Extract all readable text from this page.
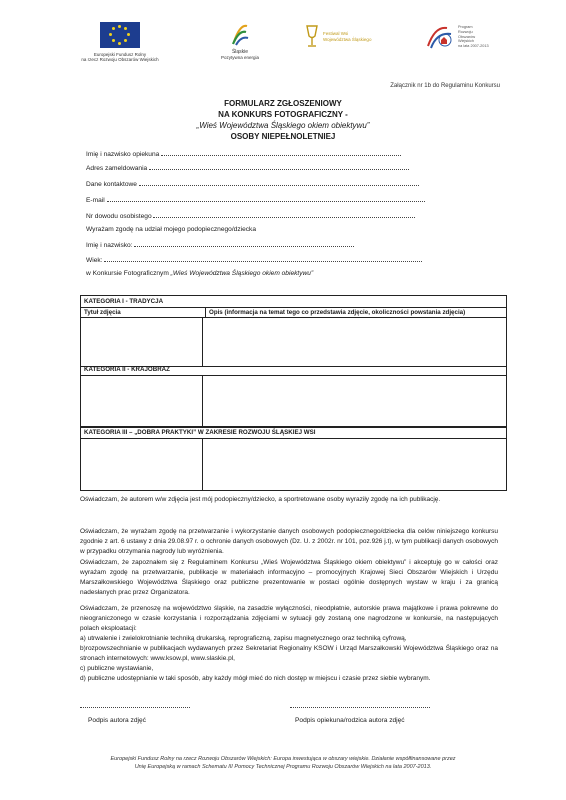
Europejski Fundusz Rolny
na rzecz Rozwoju Obszarów Wiejskich
Śląskie
Pozytywna energia
Festiwal Wsi
Województwa Śląskiego
Program
Rozwoju
Obszarów
Wiejskich
na lata 2007-2013
Załącznik nr 1b do Regulaminu Konkursu
FORMULARZ ZGŁOSZENIOWY
NA KONKURS FOTOGRAFICZNY -
„Wieś Województwa Śląskiego okiem obiektywu”
OSOBY NIEPEŁNOLETNIEJ
Imię i nazwisko opiekuna
Adres zameldowania
Dane kontaktowe
E-mail
Nr dowodu osobistego
Wyrażam zgodę na udział mojego podopiecznego/dziecka
Imię i nazwisko:
Wiek:
w Konkursie Fotograficznym „Wieś Województwa Śląskiego okiem obiektywu”
KATEGORIA I - TRADYCJA
Tytuł zdjęcia	Opis (informacja na temat tego co przedstawia zdjęcie, okoliczności powstania zdjęcia)
KATEGORIA II - KRAJOBRAZ
KATEGORIA III – „DOBRA PRAKTYKI” W ZAKRESIE ROZWOJU ŚLĄSKIEJ WSI

Oświadczam, że autorem w/w zdjęcia jest mój podopieczny/dziecko, a sportretowane osoby wyraziły zgodę na ich publikację.

Oświadczam, że wyrażam zgodę na przetwarzanie i wykorzystanie danych osobowych podopiecznego/dziecka dla celów niniejszego konkursu zgodnie z art. 6 ustawy z dnia 29.08.97 r. o ochronie danych osobowych (Dz. U. z 2002r. nr 101, poz.926 j.t), w tym publikacji danych osobowych w przypadku otrzymania nagrody lub wyróżnienia.

Oświadczam, że zapoznałem się z Regulaminem Konkursu „Wieś Województwa Śląskiego okiem obiektywu” i akceptuję go w całości oraz wyrażam zgodę na przetwarzanie, publikacje w materiałach informacyjno – promocyjnych Krajowej Sieci Obszarów Wiejskich i Urzędu Marszałkowskiego Województwa Śląskiego oraz publiczne prezentowanie w postaci ogólnie dostępnych wystaw w kraju i za granicą nadesłanych prac przez Organizatora.

Oświadczam, że przenoszę na województwo śląskie, na zasadzie wyłączności, nieodpłatnie, autorskie prawa majątkowe i prawa pokrewne do nieograniczonego w czasie korzystania i rozporządzania zdjęciami w sytuacji gdy zostaną one nagrodzone w konkursie, na następujących polach eksploatacji:

a) utrwalenie i zwielokrotnianie techniką drukarską, reprograficzną, zapisu magnetycznego oraz techniką cyfrową,

b)rozpowszechnianie w publikacjach wydawanych przez Sekretariat Regionalny KSOW i Urząd Marszałkowski Województwa Śląskiego oraz na stronach internetowych: www.ksow.pl, www.slaskie.pl,

c) publiczne wystawianie,

d) publiczne udostępnianie w taki sposób, aby każdy mógł mieć do nich dostęp w miejscu i czasie przez siebie wybranym.

Podpis autora zdjęć	Podpis opiekuna/rodzica autora zdjęć
Europejski Fundusz Rolny na rzecz Rozwoju Obszarów Wiejskich: Europa inwestująca w obszary wiejskie. Działanie współfinansowane przez
Unię Europejską w ramach Schematu III Pomocy Technicznej Programu Rozwoju Obszarów Wiejskich na lata 2007-2013.
